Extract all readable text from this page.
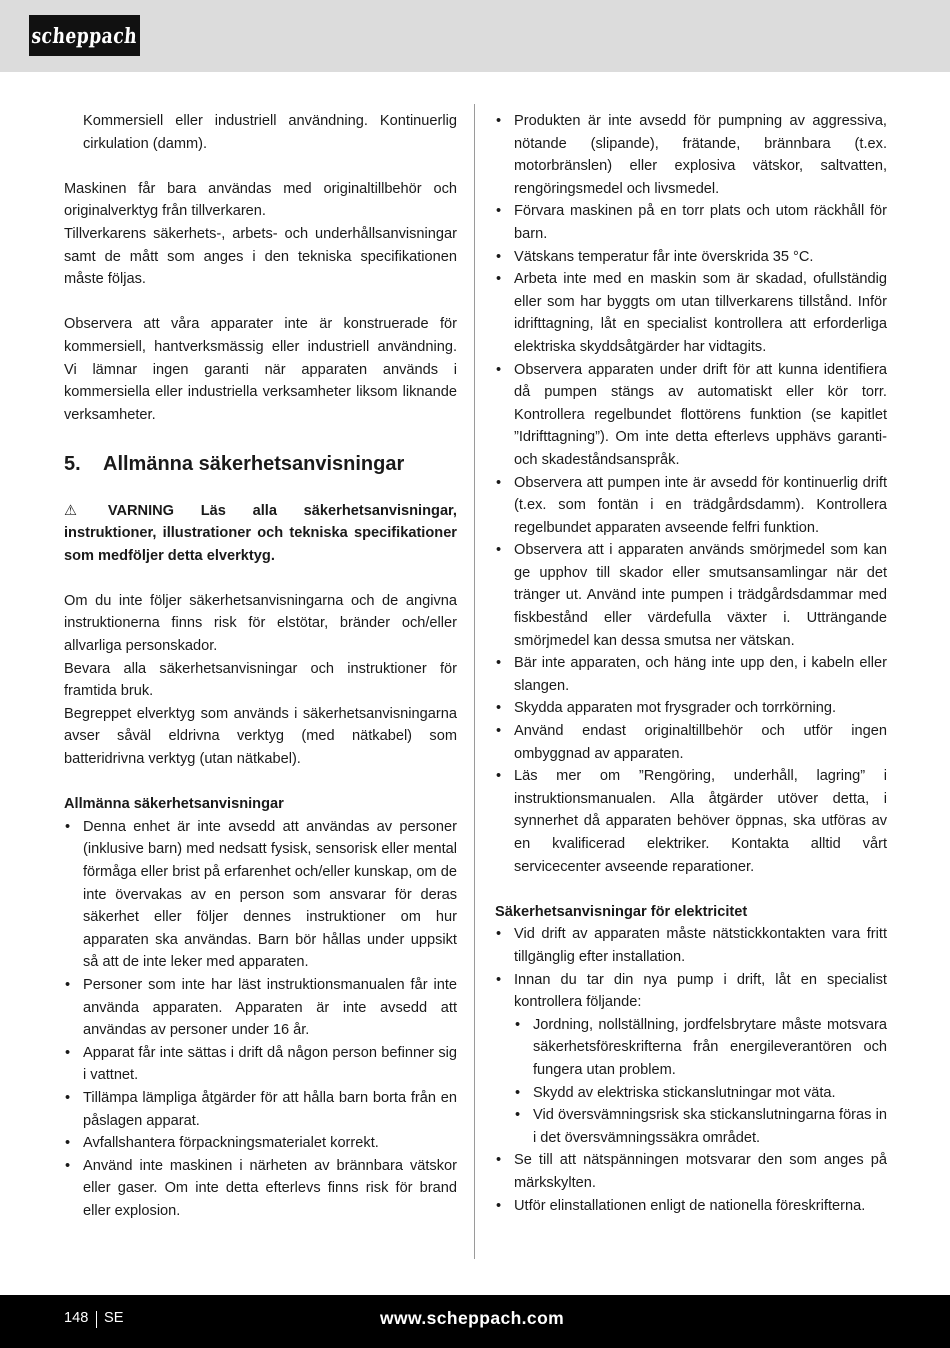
scheppach

Kommersiell eller industriell användning. Kontinuerlig cirkulation (damm).

Maskinen får bara användas med originaltillbehör och originalverktyg från tillverkaren.

Tillverkarens säkerhets-, arbets- och underhållsanvisningar samt de mått som anges i den tekniska specifikationen måste följas.

Observera att våra apparater inte är konstruerade för kommersiell, hantverksmässig eller industriell användning. Vi lämnar ingen garanti när apparaten används i kommersiella eller industriella verksamheter liksom liknande verksamheter.

5.	Allmänna säkerhetsanvisningar

⚠ VARNING Läs alla säkerhetsanvisningar, instruktioner, illustrationer och tekniska specifikationer som medföljer detta elverktyg.

Om du inte följer säkerhetsanvisningarna och de angivna instruktionerna finns risk för elstötar, bränder och/eller allvarliga personskador.

Bevara alla säkerhetsanvisningar och instruktioner för framtida bruk.

Begreppet elverktyg som används i säkerhetsanvisningarna avser såväl eldrivna verktyg (med nätkabel) som batteridrivna verktyg (utan nätkabel).

Allmänna säkerhetsanvisningar

• Denna enhet är inte avsedd att användas av personer (inklusive barn) med nedsatt fysisk, sensorisk eller mental förmåga eller brist på erfarenhet och/eller kunskap, om de inte övervakas av en person som ansvarar för deras säkerhet eller följer dennes instruktioner om hur apparaten ska användas. Barn bör hållas under uppsikt så att de inte leker med apparaten.
• Personer som inte har läst instruktionsmanualen får inte använda apparaten. Apparaten är inte avsedd att användas av personer under 16 år.
• Apparat får inte sättas i drift då någon person befinner sig i vattnet.
• Tillämpa lämpliga åtgärder för att hålla barn borta från en påslagen apparat.
• Avfallshantera förpackningsmaterialet korrekt.
• Använd inte maskinen i närheten av brännbara vätskor eller gaser. Om inte detta efterlevs finns risk för brand eller explosion.
• Produkten är inte avsedd för pumpning av aggressiva, nötande (slipande), frätande, brännbara (t.ex. motorbränslen) eller explosiva vätskor, saltvatten, rengöringsmedel och livsmedel.
• Förvara maskinen på en torr plats och utom räckhåll för barn.
• Vätskans temperatur får inte överskrida 35 °C.
• Arbeta inte med en maskin som är skadad, ofullständig eller som har byggts om utan tillverkarens tillstånd. Inför idrifttagning, låt en specialist kontrollera att erforderliga elektriska skyddsåtgärder har vidtagits.
• Observera apparaten under drift för att kunna identifiera då pumpen stängs av automatiskt eller kör torr. Kontrollera regelbundet flottörens funktion (se kapitlet ”Idrifttagning”). Om inte detta efterlevs upphävs garanti- och skadeståndsanspråk.
• Observera att pumpen inte är avsedd för kontinuerlig drift (t.ex. som fontän i en trädgårdsdamm). Kontrollera regelbundet apparaten avseende felfri funktion.
• Observera att i apparaten används smörjmedel som kan ge upphov till skador eller smutsansamlingar när det tränger ut. Använd inte pumpen i trädgårdsdammar med fiskbestånd eller värdefulla växter i. Utträngande smörjmedel kan dessa smutsa ner vätskan.
• Bär inte apparaten, och häng inte upp den, i kabeln eller slangen.
• Skydda apparaten mot frysgrader och torrkörning.
• Använd endast originaltillbehör och utför ingen ombyggnad av apparaten.
• Läs mer om ”Rengöring, underhåll, lagring” i instruktionsmanualen. Alla åtgärder utöver detta, i synnerhet då apparaten behöver öppnas, ska utföras av en kvalificerad elektriker. Kontakta alltid vårt servicecenter avseende reparationer.

Säkerhetsanvisningar för elektricitet

• Vid drift av apparaten måste nätstickkontakten vara fritt tillgänglig efter installation.
• Innan du tar din nya pump i drift, låt en specialist kontrollera följande:
• Jordning, nollställning, jordfelsbrytare måste motsvara säkerhetsföreskrifterna från energileverantören och fungera utan problem.
• Skydd av elektriska stickanslutningar mot väta.
• Vid översvämningsrisk ska stickanslutningarna föras in i det översvämningssäkra området.
• Se till att nätspänningen motsvarar den som anges på märkskylten.
• Utför elinstallationen enligt de nationella föreskrifterna.
148 SE	www.scheppach.com
